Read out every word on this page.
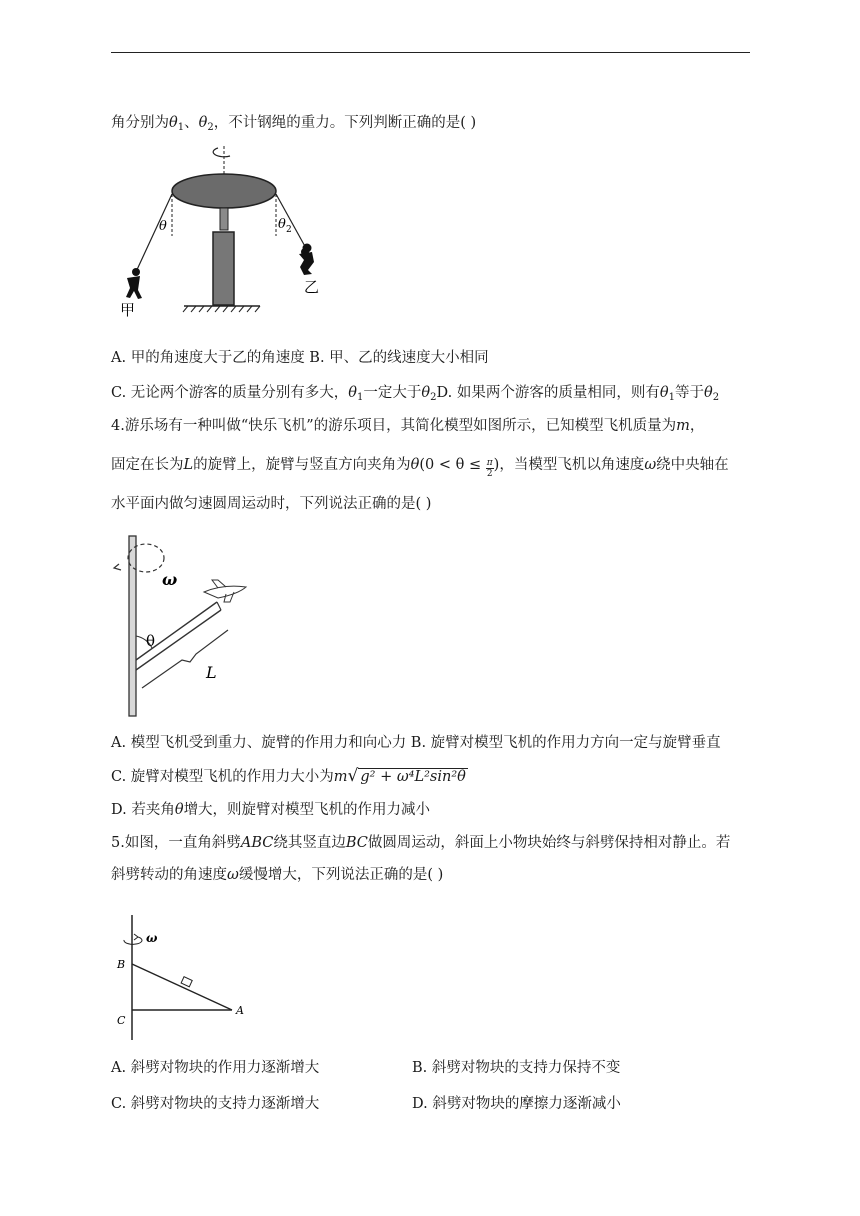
角分别为$\theta_1$、$\theta_2$，不计钢绳的重力。下列判断正确的是( )
θ	θ 2
甲
乙
A. 甲的角速度大于乙的角速度 B. 甲、乙的线速度大小相同
C. 无论两个游客的质量分别有多大，$\theta_1$一定大于$\theta_2D$. 如果两个游客的质量相同，则有$\theta_1$等于$\theta_2$
4.游乐场有一种叫做“快乐飞机”的游乐项目，其简化模型如图所示，已知模型飞机质量为m，
固定在长为L的旋臂上，旋臂与竖直方向夹角为$\theta(0 < \theta \le \frac{\pi}{2}$ )，当模型飞机以角速度ω绕中央轴在
水平面内做匀速圆周运动时，下列说法正确的是( )
ω
θ
L
A. 模型飞机受到重力、旋臂的作用力和向心力 B. 旋臂对模型飞机的作用力方向一定与旋臂垂直
C. 旋臂对模型飞机的作用力大小为m√ g² + ω⁴L²sin²θ
D. 若夹角θ增大，则旋臂对模型飞机的作用力减小
5.如图，一直角斜劈ABC绕其竖直边BC做圆周运动，斜面上小物块始终与斜劈保持相对静止。若
斜劈转动的角速度ω缓慢增大，下列说法正确的是( )
ω
B
C
A
A. 斜劈对物块的作用力逐渐增大	B. 斜劈对物块的支持力保持不变
C. 斜劈对物块的支持力逐渐增大	D. 斜劈对物块的摩擦力逐渐减小
